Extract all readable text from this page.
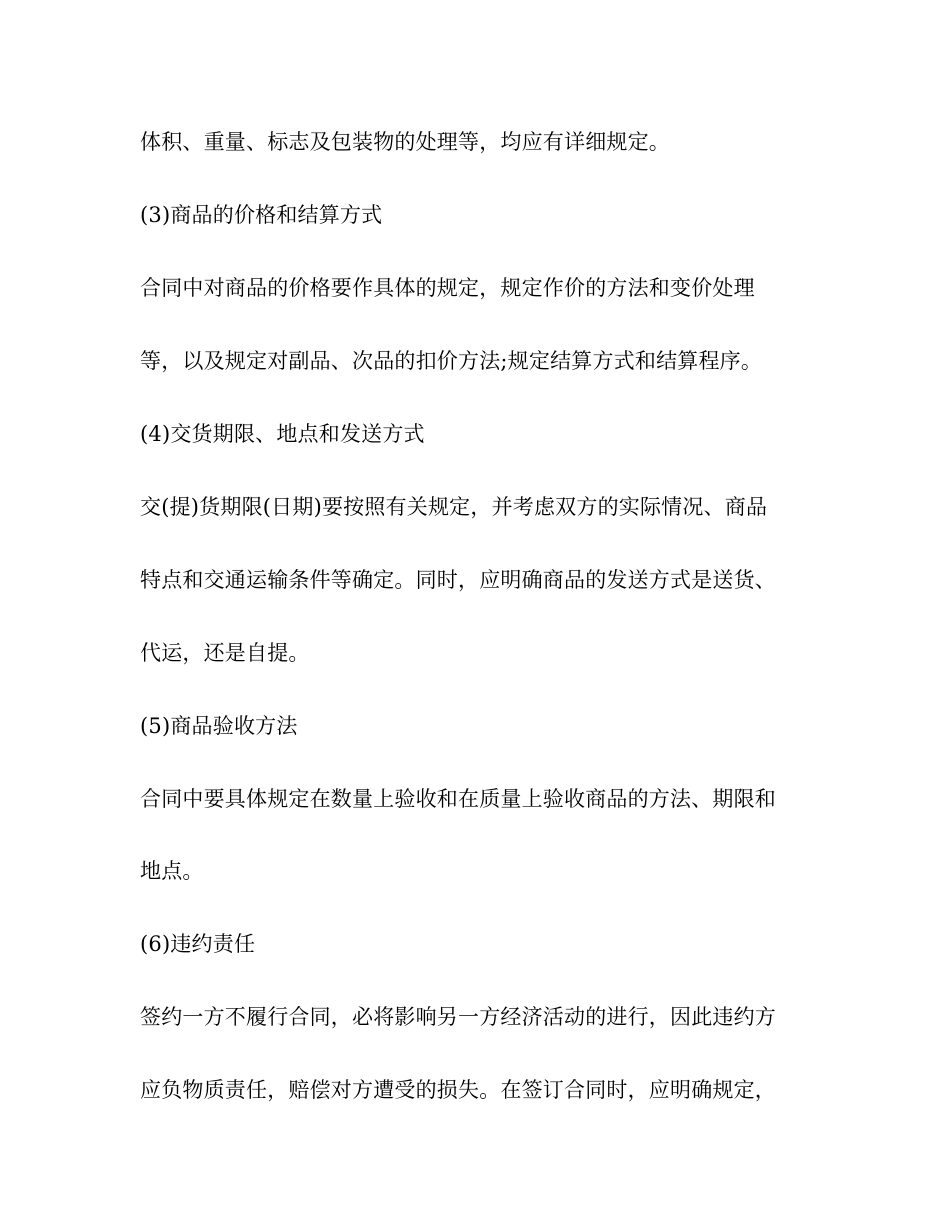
体积、重量、标志及包装物的处理等，均应有详细规定。
(3)商品的价格和结算方式
合同中对商品的价格要作具体的规定，规定作价的方法和变价处理
等，以及规定对副品、次品的扣价方法;规定结算方式和结算程序。
(4)交货期限、地点和发送方式
交(提)货期限(日期)要按照有关规定，并考虑双方的实际情况、商品
特点和交通运输条件等确定。同时，应明确商品的发送方式是送货、
代运，还是自提。
(5)商品验收方法
合同中要具体规定在数量上验收和在质量上验收商品的方法、期限和
地点。
(6)违约责任
签约一方不履行合同，必将影响另一方经济活动的进行，因此违约方
应负物质责任，赔偿对方遭受的损失。在签订合同时，应明确规定，
